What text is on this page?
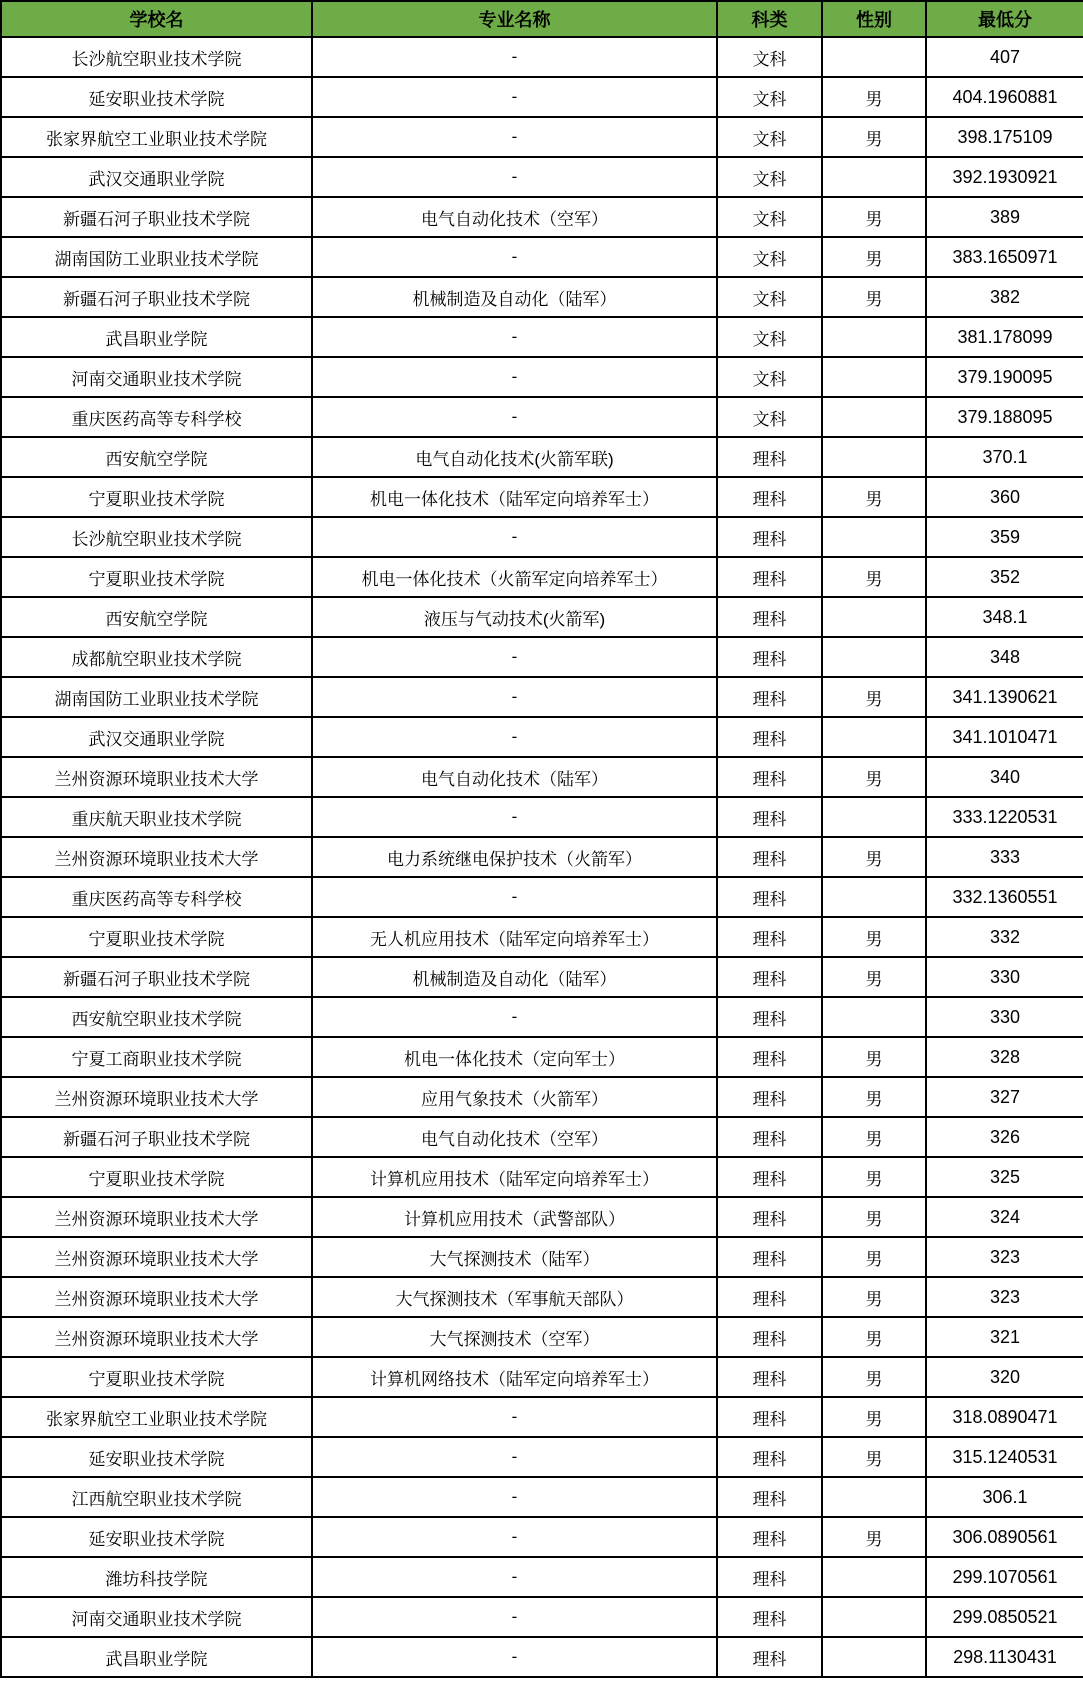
学校名	专业名称	科类	性别	最低分
长沙航空职业技术学院	-	文科		407
延安职业技术学院	-	文科	男	404.1960881
张家界航空工业职业技术学院	-	文科	男	398.175109
武汉交通职业学院	-	文科		392.1930921
新疆石河子职业技术学院	电气自动化技术（空军）	文科	男	389
湖南国防工业职业技术学院	-	文科	男	383.1650971
新疆石河子职业技术学院	机械制造及自动化（陆军）	文科	男	382
武昌职业学院	-	文科		381.178099
河南交通职业技术学院	-	文科		379.190095
重庆医药高等专科学校	-	文科		379.188095
西安航空学院	电气自动化技术(火箭军联)	理科		370.1
宁夏职业技术学院	机电一体化技术（陆军定向培养军士）	理科	男	360
长沙航空职业技术学院	-	理科		359
宁夏职业技术学院	机电一体化技术（火箭军定向培养军士）	理科	男	352
西安航空学院	液压与气动技术(火箭军)	理科		348.1
成都航空职业技术学院	-	理科		348
湖南国防工业职业技术学院	-	理科	男	341.1390621
武汉交通职业学院	-	理科		341.1010471
兰州资源环境职业技术大学	电气自动化技术（陆军）	理科	男	340
重庆航天职业技术学院	-	理科		333.1220531
兰州资源环境职业技术大学	电力系统继电保护技术（火箭军）	理科	男	333
重庆医药高等专科学校	-	理科		332.1360551
宁夏职业技术学院	无人机应用技术（陆军定向培养军士）	理科	男	332
新疆石河子职业技术学院	机械制造及自动化（陆军）	理科	男	330
西安航空职业技术学院	-	理科		330
宁夏工商职业技术学院	机电一体化技术（定向军士）	理科	男	328
兰州资源环境职业技术大学	应用气象技术（火箭军）	理科	男	327
新疆石河子职业技术学院	电气自动化技术（空军）	理科	男	326
宁夏职业技术学院	计算机应用技术（陆军定向培养军士）	理科	男	325
兰州资源环境职业技术大学	计算机应用技术（武警部队）	理科	男	324
兰州资源环境职业技术大学	大气探测技术（陆军）	理科	男	323
兰州资源环境职业技术大学	大气探测技术（军事航天部队）	理科	男	323
兰州资源环境职业技术大学	大气探测技术（空军）	理科	男	321
宁夏职业技术学院	计算机网络技术（陆军定向培养军士）	理科	男	320
张家界航空工业职业技术学院	-	理科	男	318.0890471
延安职业技术学院	-	理科	男	315.1240531
江西航空职业技术学院	-	理科		306.1
延安职业技术学院	-	理科	男	306.0890561
潍坊科技学院	-	理科		299.1070561
河南交通职业技术学院	-	理科		299.0850521
武昌职业学院	-	理科		298.1130431
